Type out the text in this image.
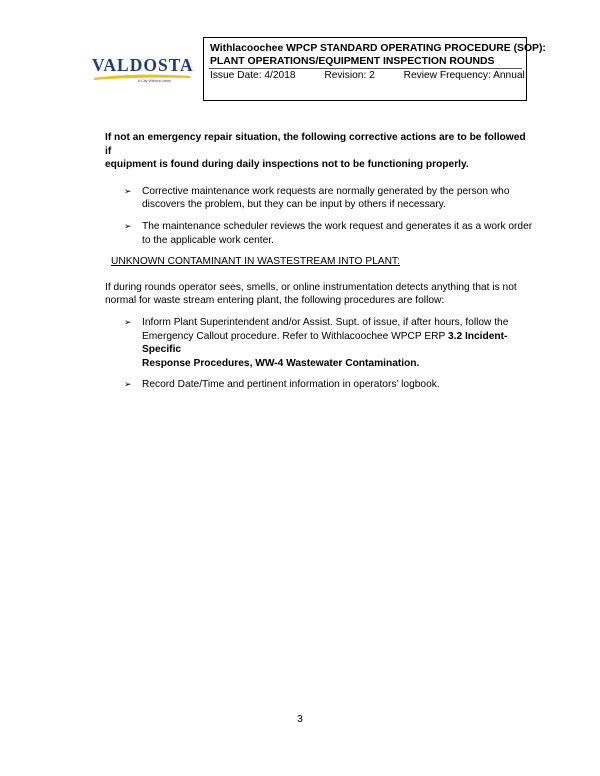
VALDOSTA
A City Without Limits
Withlacoochee WPCP STANDARD OPERATING PROCEDURE (SOP):
PLANT OPERATIONS/EQUIPMENT INSPECTION ROUNDS
Issue Date: 4/2018	Revision: 2	Review Frequency: Annual

If not an emergency repair situation, the following corrective actions are to be followed if
equipment is found during daily inspections not to be functioning properly.

➢ Corrective maintenance work requests are normally generated by the person who
discovers the problem, but they can be input by others if necessary.
➢ The maintenance scheduler reviews the work request and generates it as a work order
to the applicable work center.
UNKNOWN CONTAMINANT IN WASTESTREAM INTO PLANT:

If during rounds operator sees, smells, or online instrumentation detects anything that is not
normal for waste stream entering plant, the following procedures are follow:

➢ Inform Plant Superintendent and/or Assist. Supt. of issue, if after hours, follow the
Emergency Callout procedure. Refer to Withlacoochee WPCP ERP 3.2 Incident-Specific
Response Procedures, WW-4 Wastewater Contamination.
➢ Record Date/Time and pertinent information in operators’ logbook.
3
